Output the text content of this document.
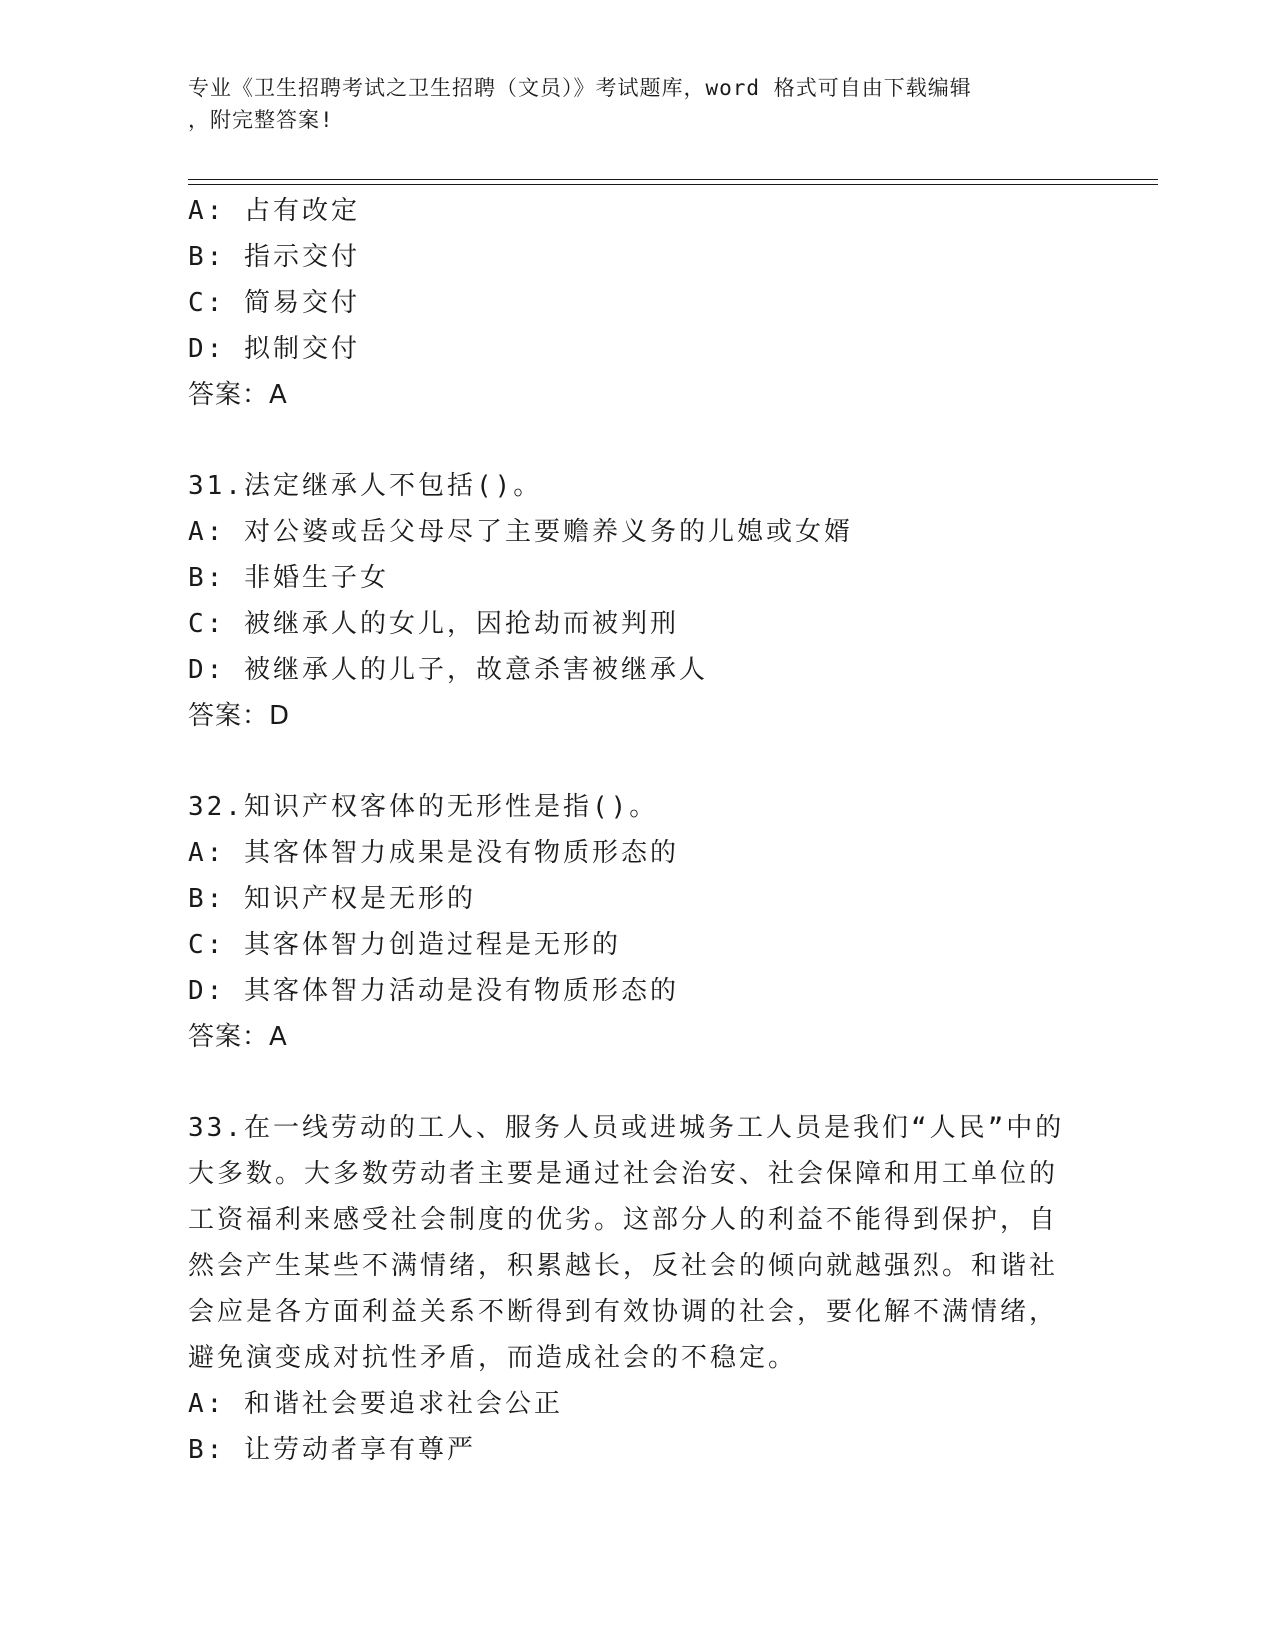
专业《卫生招聘考试之卫生招聘（文员）》考试题库，word 格式可自由下载编辑
，附完整答案!
A: 占有改定
B: 指示交付
C: 简易交付
D: 拟制交付
答案：A
31.法定继承人不包括()。
A: 对公婆或岳父母尽了主要赡养义务的儿媳或女婿
B: 非婚生子女
C: 被继承人的女儿，因抢劫而被判刑
D: 被继承人的儿子，故意杀害被继承人
答案：D
32.知识产权客体的无形性是指()。
A: 其客体智力成果是没有物质形态的
B: 知识产权是无形的
C: 其客体智力创造过程是无形的
D: 其客体智力活动是没有物质形态的
答案：A
33.在一线劳动的工人、服务人员或进城务工人员是我们“人民”中的
大多数。大多数劳动者主要是通过社会治安、社会保障和用工单位的
工资福利来感受社会制度的优劣。这部分人的利益不能得到保护，自
然会产生某些不满情绪，积累越长，反社会的倾向就越强烈。和谐社
会应是各方面利益关系不断得到有效协调的社会，要化解不满情绪，
避免演变成对抗性矛盾，而造成社会的不稳定。
A: 和谐社会要追求社会公正
B: 让劳动者享有尊严
